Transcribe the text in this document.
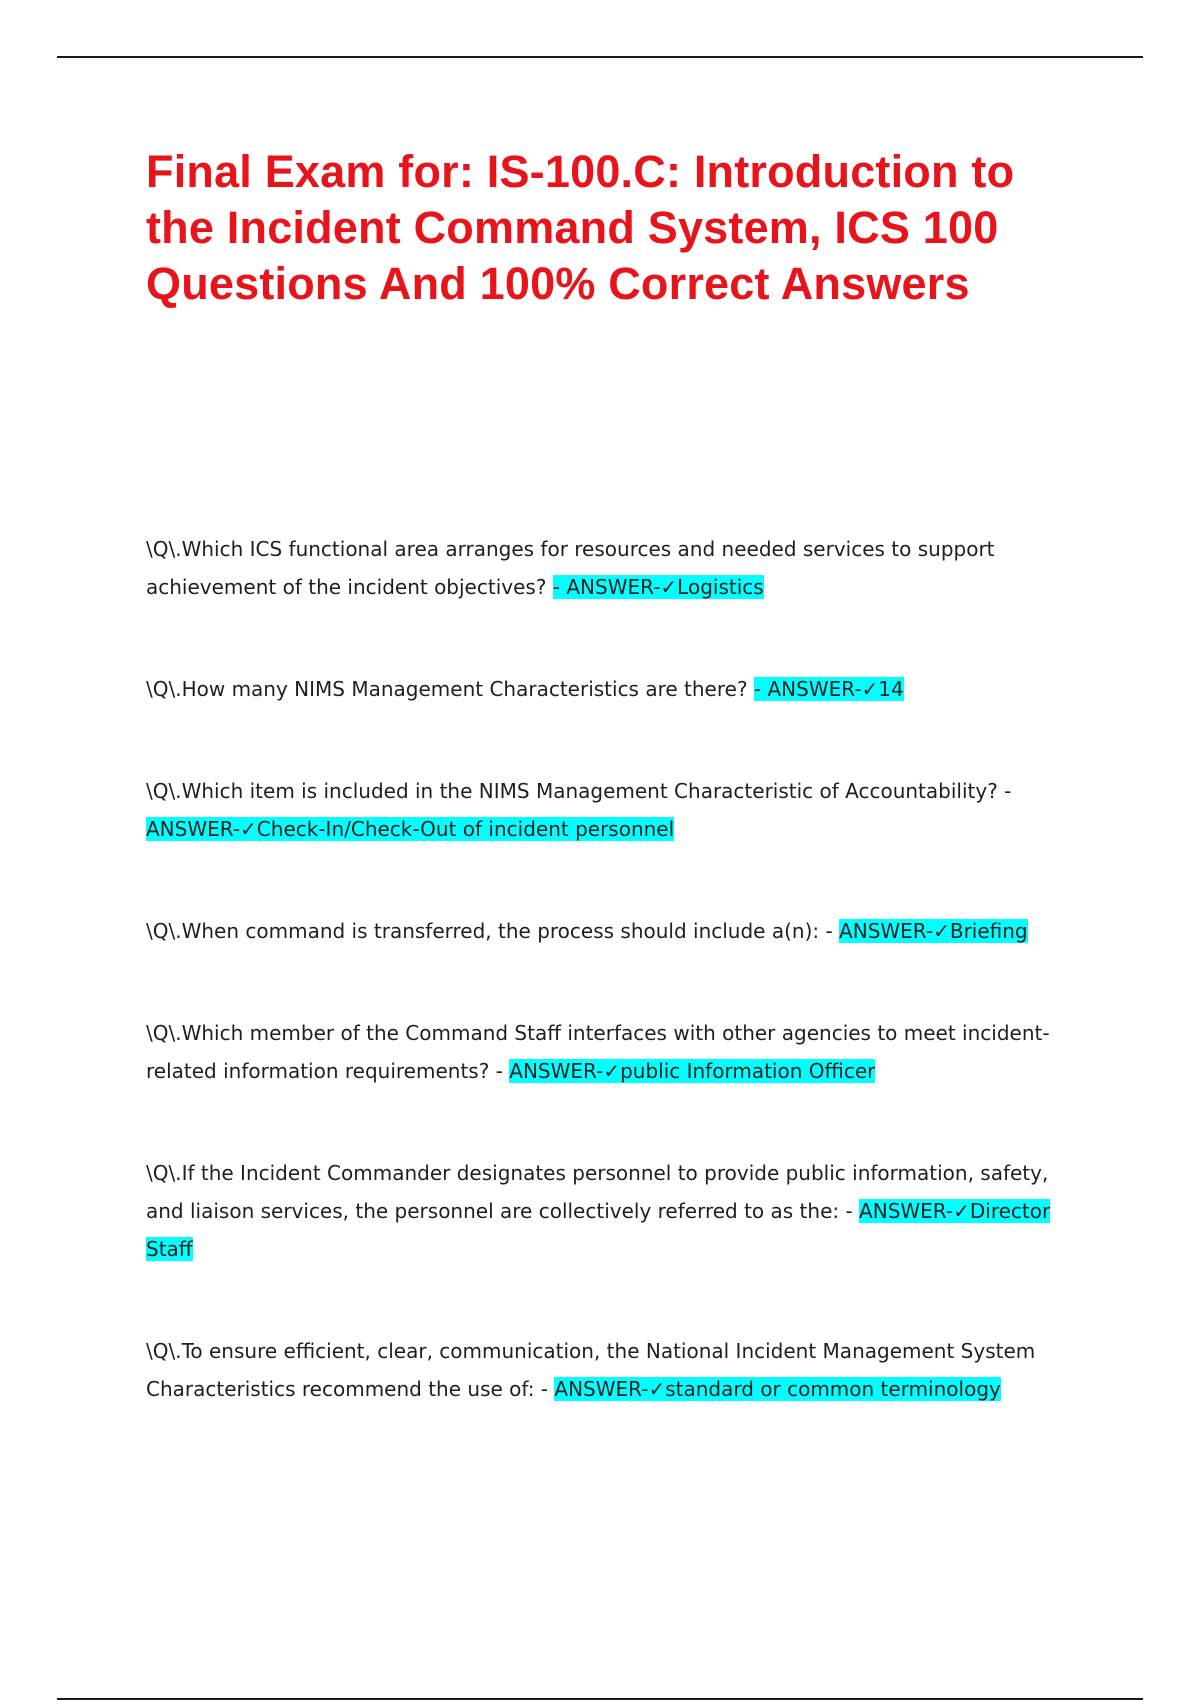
Final Exam for: IS-100.C: Introduction to the Incident Command System, ICS 100 Questions And 100% Correct Answers
\Q\.Which ICS functional area arranges for resources and needed services to support achievement of the incident objectives? - ANSWER-✓Logistics
\Q\.How many NIMS Management Characteristics are there? - ANSWER-✓14
\Q\.Which item is included in the NIMS Management Characteristic of Accountability? - ANSWER-✓Check-In/Check-Out of incident personnel
\Q\.When command is transferred, the process should include a(n): - ANSWER-✓Briefing
\Q\.Which member of the Command Staff interfaces with other agencies to meet incident-related information requirements? - ANSWER-✓public Information Officer
\Q\.If the Incident Commander designates personnel to provide public information, safety, and liaison services, the personnel are collectively referred to as the: - ANSWER-✓Director Staff
\Q\.To ensure efficient, clear, communication, the National Incident Management System Characteristics recommend the use of: - ANSWER-✓standard or common terminology
